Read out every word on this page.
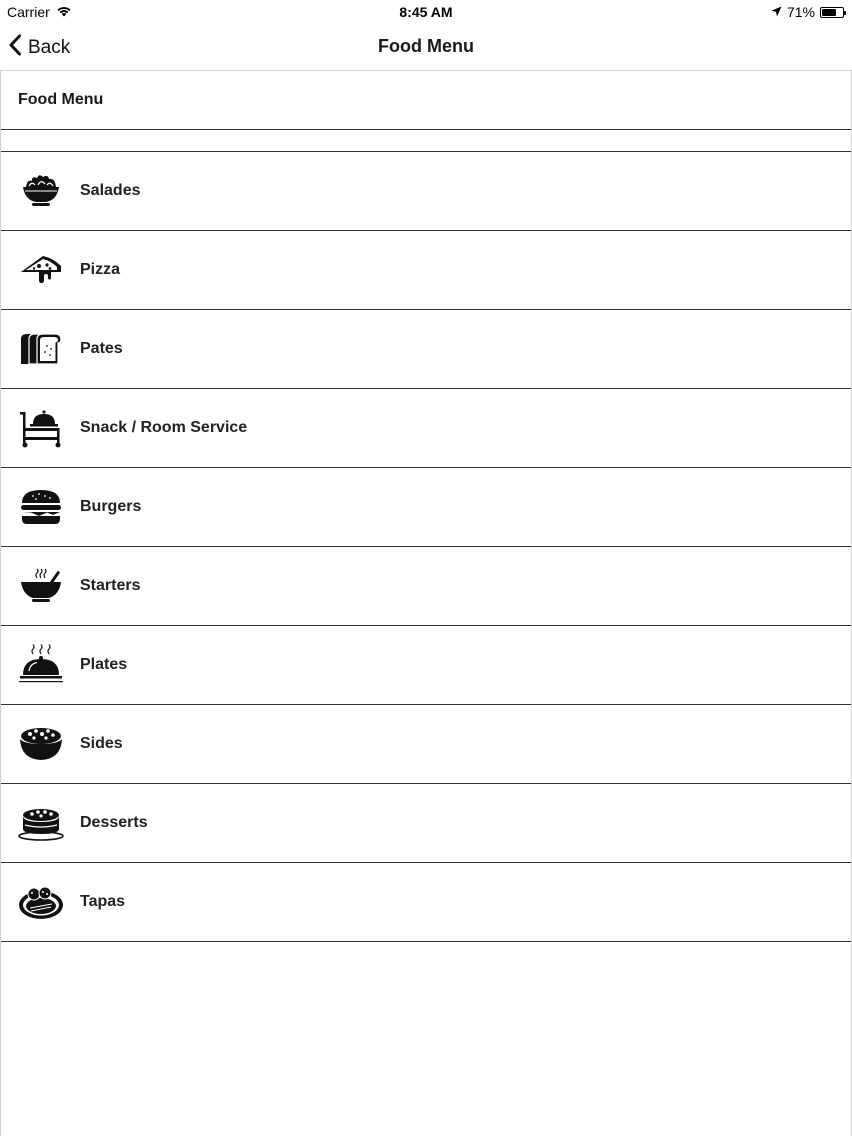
Carrier	8:45 AM	71%
Back	Food Menu
Food Menu
Salades
Pizza
Pates
Snack / Room Service
Burgers
Starters
Plates
Sides
Desserts
Tapas
